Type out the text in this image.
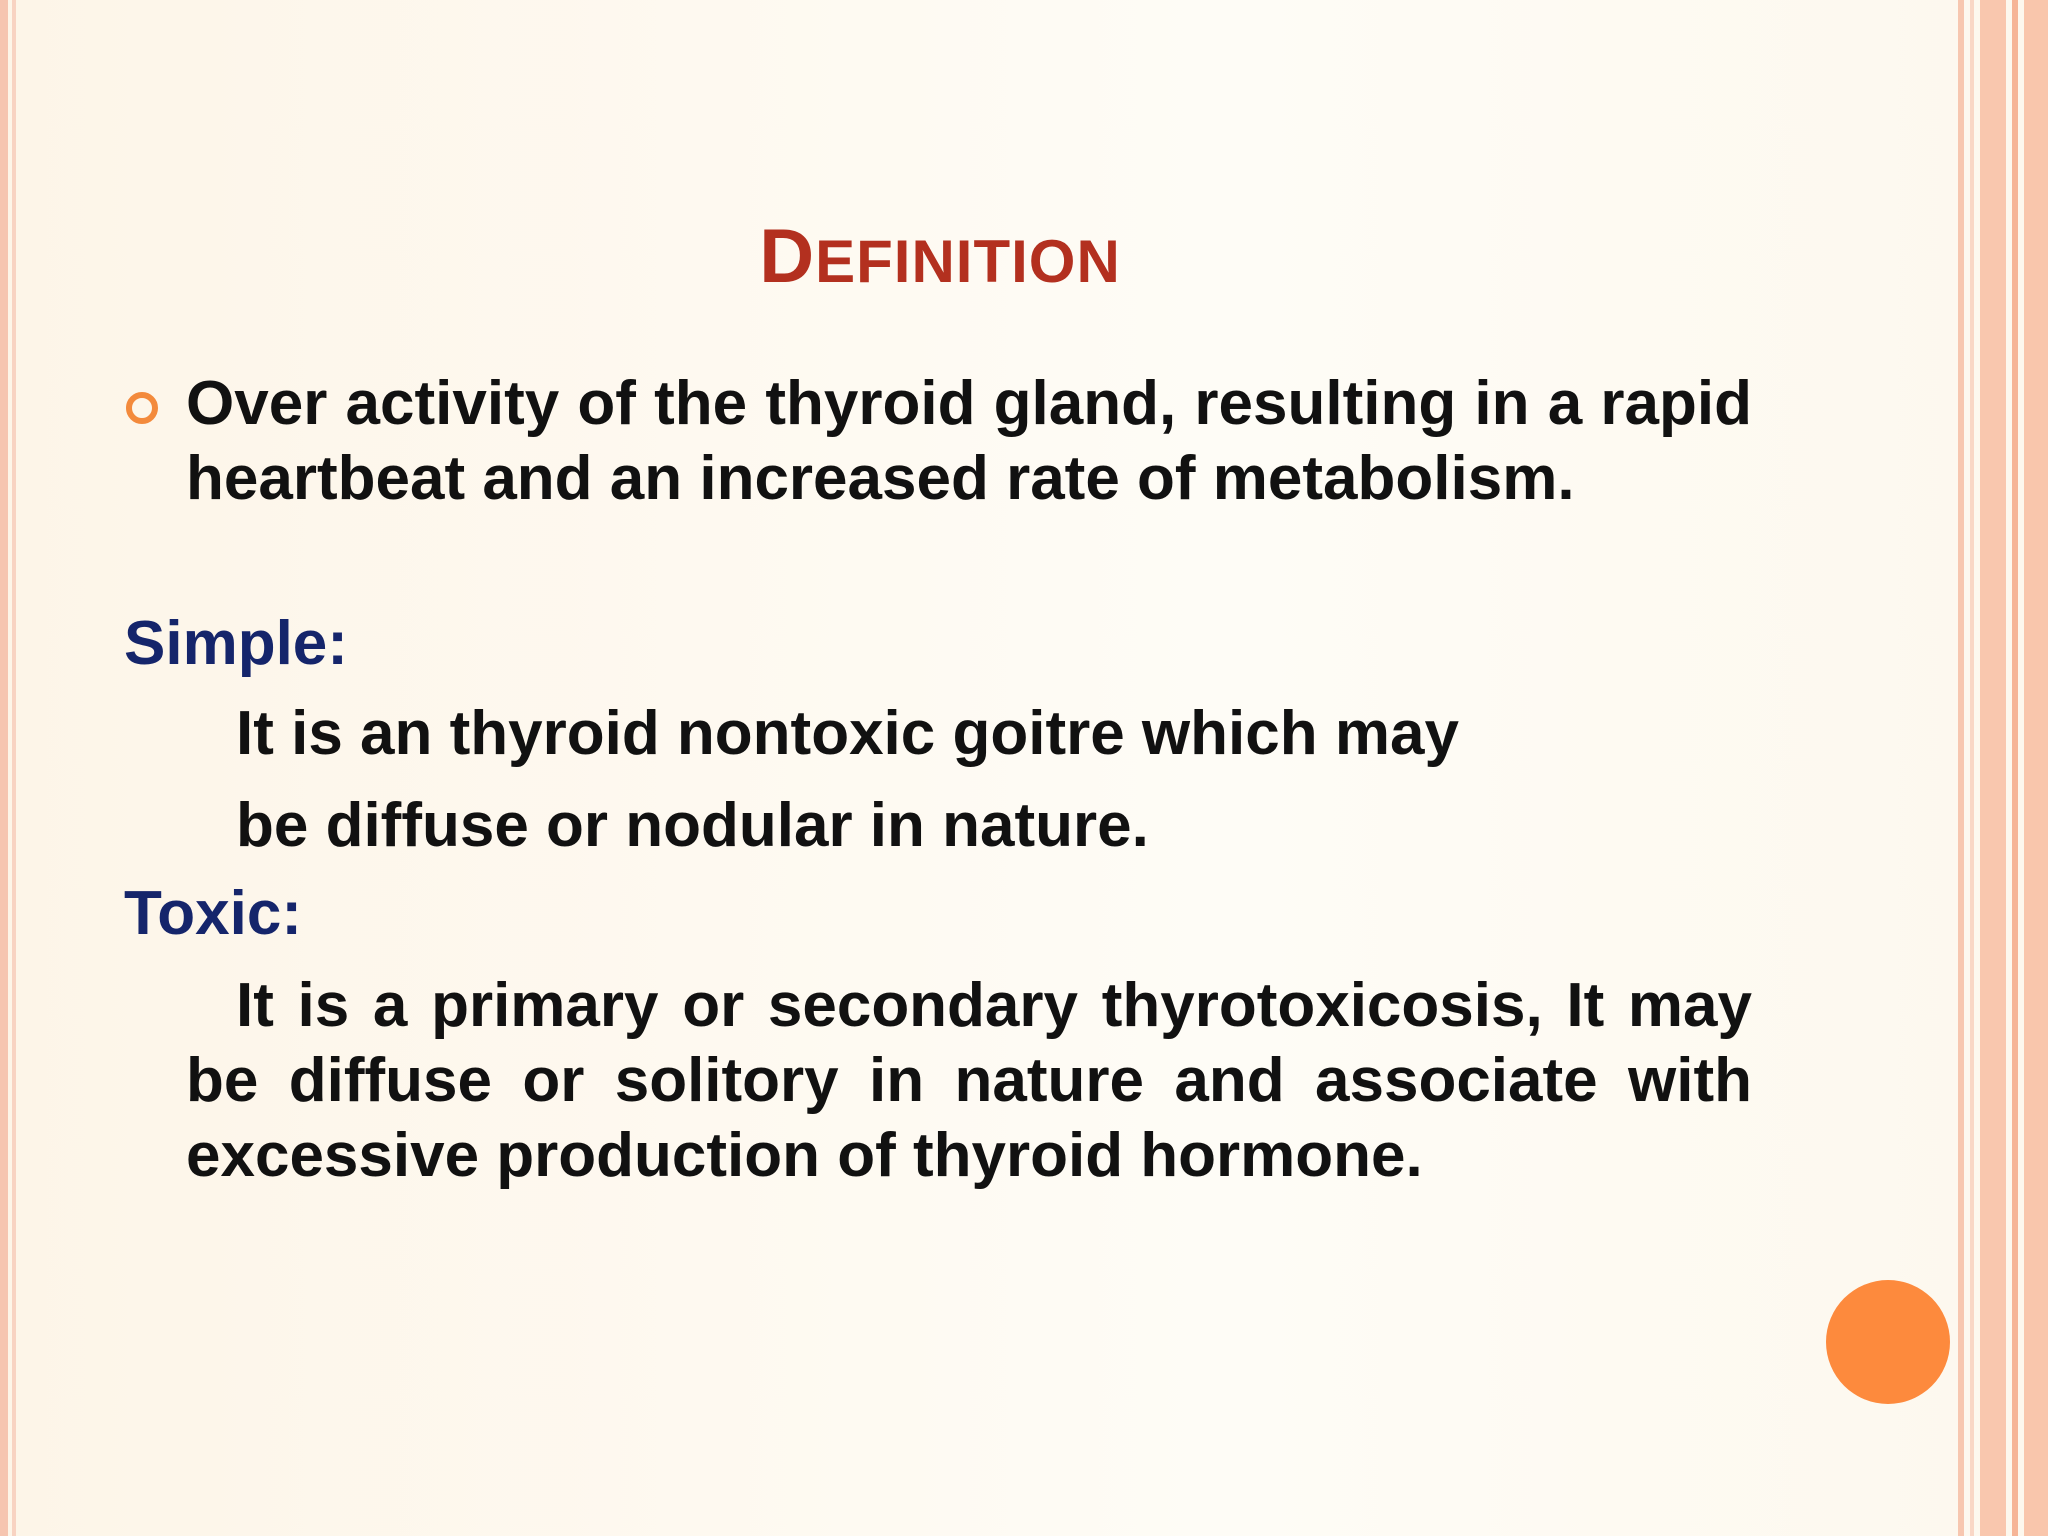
DEFINITION

Over activity of the thyroid gland, resulting in a rapid heartbeat and an increased rate of metabolism.

Simple:

It is an thyroid nontoxic goitre which may

be diffuse or nodular in nature.

Toxic:

It is a primary or secondary thyrotoxicosis, It may be diffuse or solitory in nature and associate with excessive production of thyroid hormone.
